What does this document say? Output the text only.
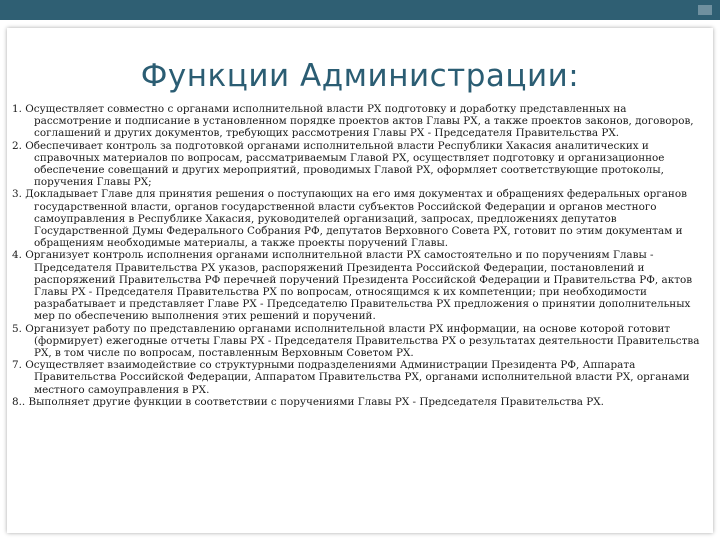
Функции Администрации:

1. Осуществляет совместно с органами исполнительной власти РХ подготовку и доработку представленных на рассмотрение и подписание в установленном порядке проектов актов Главы РХ, а также проектов законов, договоров, соглашений и других документов, требующих рассмотрения Главы РХ - Председателя Правительства РХ.

2. Обеспечивает контроль за подготовкой органами исполнительной власти Республики Хакасия аналитических и справочных материалов по вопросам, рассматриваемым Главой РХ, осуществляет подготовку и организационное обеспечение совещаний и других мероприятий, проводимых Главой РХ, оформляет соответствующие протоколы, поручения Главы РХ;

3. Докладывает Главе для принятия решения о поступающих на его имя документах и обращениях федеральных органов государственной власти, органов государственной власти субъектов Российской Федерации и органов местного самоуправления в Республике Хакасия, руководителей организаций, запросах, предложениях депутатов Государственной Думы Федерального Собрания РФ, депутатов Верховного Совета РХ, готовит по этим документам и обращениям необходимые материалы, а также проекты поручений Главы.

4. Организует контроль исполнения органами исполнительной власти РХ самостоятельно и по поручениям Главы - Председателя Правительства РХ указов, распоряжений Президента Российской Федерации, постановлений и распоряжений Правительства РФ перечней поручений Президента Российской Федерации и Правительства РФ, актов Главы РХ - Председателя Правительства РХ по вопросам, относящимся к их компетенции; при необходимости разрабатывает и представляет Главе РХ - Председателю Правительства РХ предложения о принятии дополнительных мер по обеспечению выполнения этих решений и поручений.

5. Организует работу по представлению органами исполнительной власти РХ информации, на основе которой готовит (формирует) ежегодные отчеты Главы РХ - Председателя Правительства РХ о результатах деятельности Правительства РХ, в том числе по вопросам, поставленным Верховным Советом РХ.

7. Осуществляет взаимодействие со структурными подразделениями Администрации Президента РФ, Аппарата Правительства Российской Федерации, Аппаратом Правительства РХ, органами исполнительной власти РХ, органами местного самоуправления в РХ.

8.. Выполняет другие функции в соответствии с поручениями Главы РХ - Председателя Правительства РХ.
